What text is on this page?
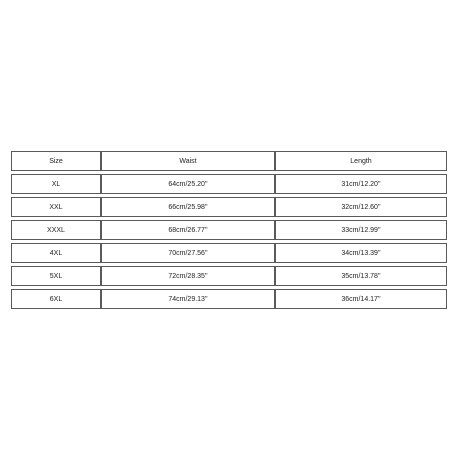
Size	Waist	Length
XL	64cm/25.20''	31cm/12.20''
XXL	66cm/25.98''	32cm/12.60''
XXXL	68cm/26.77''	33cm/12.99''
4XL	70cm/27.56''	34cm/13.39''
5XL	72cm/28.35''	35cm/13.78''
6XL	74cm/29.13''	36cm/14.17''
